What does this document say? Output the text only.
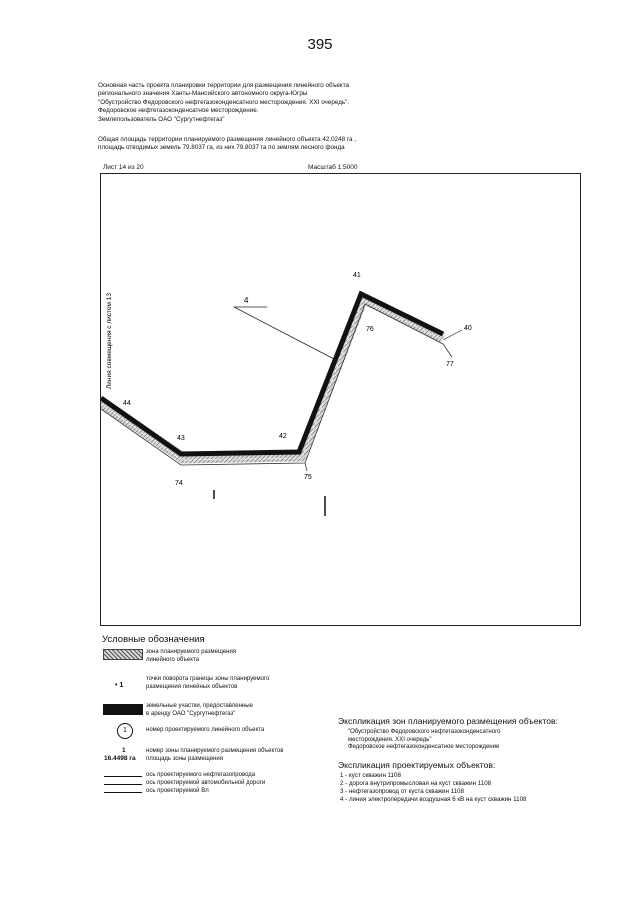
395
Основная часть проекта планировки территории для размещения линейного объекта
регионального значения Ханты-Мансийского автономного округа-Югры
"Обустройство Федоровского нефтегазоконденсатного месторождения. XXI очередь".
Федоровское нефтегазоконденсатное месторождение.
Землепользователь ОАО "Сургутнефтегаз"
Общая площадь территории планируемого размещения линейного объекта 42.0248 га ,
площадь отводимых земель 79.8037 га, из них 79.8037 га по землям лесного фонда
Лист 14 из 20	Масштаб 1:5000
4
44
43
74
42
75
41
76	40
77
Линия совмещения с листом 13
Условные обозначения
зона планируемого размещения
линейного объекта
• 1
точки поворота границы зоны планируемого
размещения линейных объектов
земельные участки, предоставленные
в аренду ОАО "Сургутнефтегаз"
1	номер проектируемого линейного объекта
1
16.4498 га
номер зоны планируемого размещения объектов
площадь зоны размещения
ось проектируемого нефтегазопровода
ось проектируемой автомобильной дороги
ось проектируемой Вл
Экспликация зон планируемого размещения объектов:
"Обустройство Федоровского нефтегазоконденсатного
месторождения. XXI очередь"
Федоровское нефтегазоконденсатное месторождение
Экспликация проектируемых объектов:
1 - куст скважин 1108
2 - дорога внутрипромысловая на куст скважин 1108
3 - нефтегазопровод от куста скважин 1108
4 - линия электропередачи воздушная 6 кВ на куст скважин 1108
